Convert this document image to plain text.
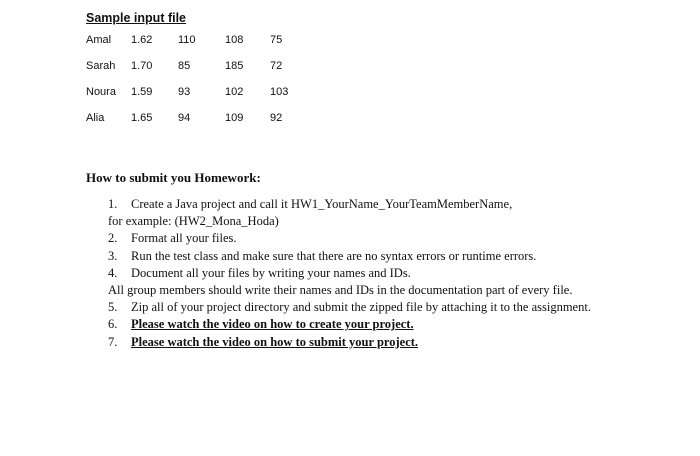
Sample input file
Amal 1.62 110	108 75
Sarah 1.70 85	185 72
Noura 1.59 93	102 103
Alia 1.65 94	109 92
How to submit you Homework:
1. Create a Java project and call it HW1_YourName_YourTeamMemberName,
for example: (HW2_Mona_Hoda)
2. Format all your files.
3. Run the test class and make sure that there are no syntax errors or runtime errors.
4. Document all your files by writing your names and IDs.
All group members should write their names and IDs in the documentation part of every file.
5. Zip all of your project directory and submit the zipped file by attaching it to the assignment.
6. Please watch the video on how to create your project.
7. Please watch the video on how to submit your project.
